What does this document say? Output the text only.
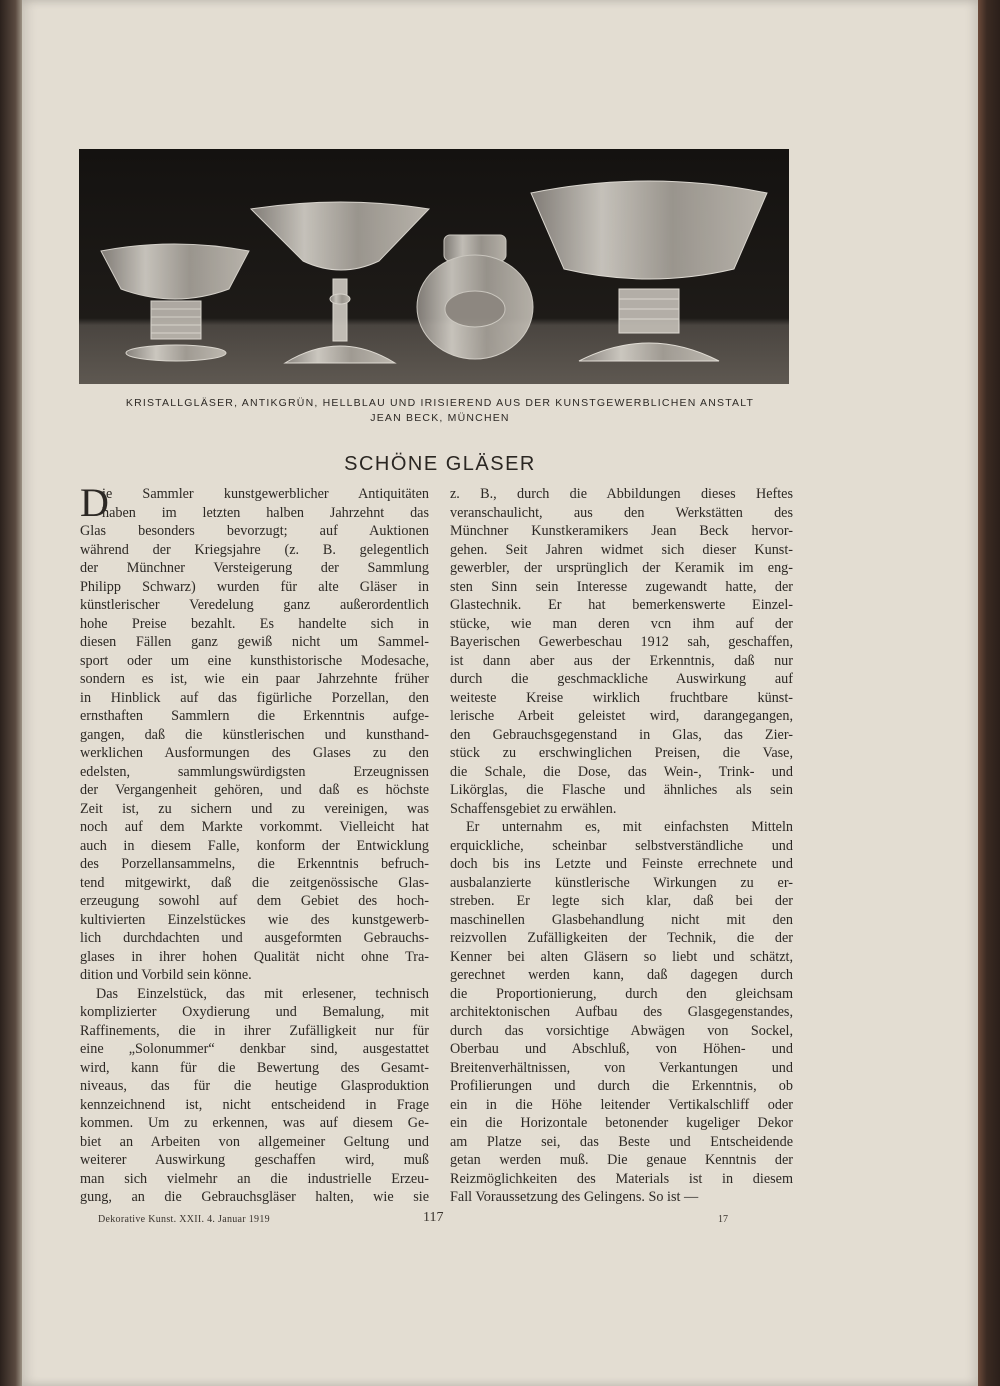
KRISTALLGLÄSER, ANTIKGRÜN, HELLBLAU UND IRISIEREND AUS DER KUNSTGEWERBLICHEN ANSTALT
JEAN BECK, MÜNCHEN
SCHÖNE GLÄSER
D
ie Sammler kunstgewerblicher Antiquitäten
haben im letzten halben Jahrzehnt das
Glas besonders bevorzugt; auf Auktionen
während der Kriegsjahre (z. B. gelegentlich
der Münchner Versteigerung der Sammlung
Philipp Schwarz) wurden für alte Gläser in
künstlerischer Veredelung ganz außerordentlich
hohe Preise bezahlt. Es handelte sich in
diesen Fällen ganz gewiß nicht um Sammel-
sport oder um eine kunsthistorische Modesache,
sondern es ist, wie ein paar Jahrzehnte früher
in Hinblick auf das figürliche Porzellan, den
ernsthaften Sammlern die Erkenntnis aufge-
gangen, daß die künstlerischen und kunsthand-
werklichen Ausformungen des Glases zu den
edelsten, sammlungswürdigsten Erzeugnissen
der Vergangenheit gehören, und daß es höchste
Zeit ist, zu sichern und zu vereinigen, was
noch auf dem Markte vorkommt. Vielleicht hat
auch in diesem Falle, konform der Entwicklung
des Porzellansammelns, die Erkenntnis befruch-
tend mitgewirkt, daß die zeitgenössische Glas-
erzeugung sowohl auf dem Gebiet des hoch-
kultivierten Einzelstückes wie des kunstgewerb-
lich durchdachten und ausgeformten Gebrauchs-
glases in ihrer hohen Qualität nicht ohne Tra-
dition und Vorbild sein könne.
Das Einzelstück, das mit erlesener, technisch
komplizierter Oxydierung und Bemalung, mit
Raffinements, die in ihrer Zufälligkeit nur für
eine „Solonummer“ denkbar sind, ausgestattet
wird, kann für die Bewertung des Gesamt-
niveaus, das für die heutige Glasproduktion
kennzeichnend ist, nicht entscheidend in Frage
kommen. Um zu erkennen, was auf diesem Ge-
biet an Arbeiten von allgemeiner Geltung und
weiterer Auswirkung geschaffen wird, muß
man sich vielmehr an die industrielle Erzeu-
gung, an die Gebrauchsgläser halten, wie sie
z. B., durch die Abbildungen dieses Heftes
veranschaulicht, aus den Werkstätten des
Münchner Kunstkeramikers Jean Beck hervor-
gehen. Seit Jahren widmet sich dieser Kunst-
gewerbler, der ursprünglich der Keramik im eng-
sten Sinn sein Interesse zugewandt hatte, der
Glastechnik. Er hat bemerkenswerte Einzel-
stücke, wie man deren vcn ihm auf der
Bayerischen Gewerbeschau 1912 sah, geschaffen,
ist dann aber aus der Erkenntnis, daß nur
durch die geschmackliche Auswirkung auf
weiteste Kreise wirklich fruchtbare künst-
lerische Arbeit geleistet wird, darangegangen,
den Gebrauchsgegenstand in Glas, das Zier-
stück zu erschwinglichen Preisen, die Vase,
die Schale, die Dose, das Wein-, Trink- und
Likörglas, die Flasche und ähnliches als sein
Schaffensgebiet zu erwählen.
Er unternahm es, mit einfachsten Mitteln
erquickliche, scheinbar selbstverständliche und
doch bis ins Letzte und Feinste errechnete und
ausbalanzierte künstlerische Wirkungen zu er-
streben. Er legte sich klar, daß bei der
maschinellen Glasbehandlung nicht mit den
reizvollen Zufälligkeiten der Technik, die der
Kenner bei alten Gläsern so liebt und schätzt,
gerechnet werden kann, daß dagegen durch
die Proportionierung, durch den gleichsam
architektonischen Aufbau des Glasgegenstandes,
durch das vorsichtige Abwägen von Sockel,
Oberbau und Abschluß, von Höhen- und
Breitenverhältnissen, von Verkantungen und
Profilierungen und durch die Erkenntnis, ob
ein in die Höhe leitender Vertikalschliff oder
ein die Horizontale betonender kugeliger Dekor
am Platze sei, das Beste und Entscheidende
getan werden muß. Die genaue Kenntnis der
Reizmöglichkeiten des Materials ist in diesem
Fall Voraussetzung des Gelingens. So ist —
Dekorative Kunst. XXII. 4. Januar 1919	117	17
